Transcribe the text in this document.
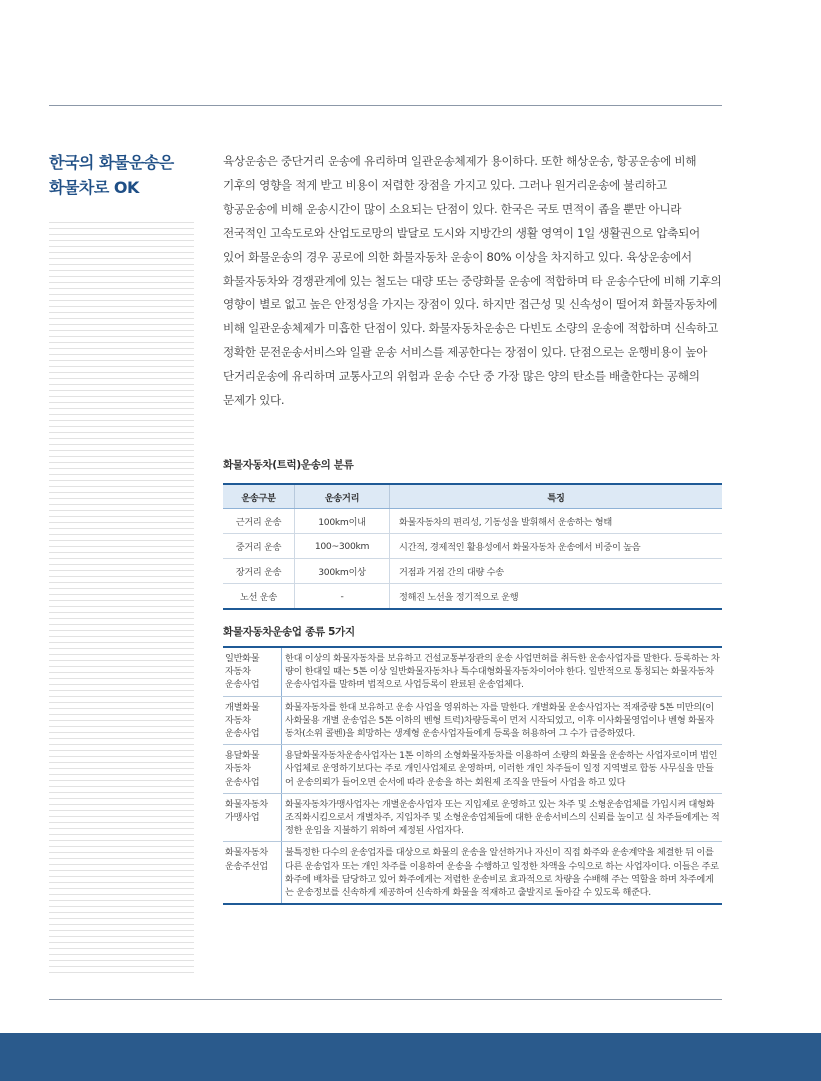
한국의 화물운송은
화물차로 OK

육상운송은 중단거리 운송에 유리하며 일관운송체제가 용이하다. 또한 해상운송, 항공운송에 비해 기후의 영향을 적게 받고 비용이 저렴한 장점을 가지고 있다. 그러나 원거리운송에 불리하고 항공운송에 비해 운송시간이 많이 소요되는 단점이 있다. 한국은 국토 면적이 좁을 뿐만 아니라 전국적인 고속도로와 산업도로망의 발달로 도시와 지방간의 생활 영역이 1일 생활권으로 압축되어 있어 화물운송의 경우 공로에 의한 화물자동차 운송이 80% 이상을 차지하고 있다. 육상운송에서 화물자동차와 경쟁관계에 있는 철도는 대량 또는 중량화물 운송에 적합하며 타 운송수단에 비해 기후의 영향이 별로 없고 높은 안정성을 가지는 장점이 있다. 하지만 접근성 및 신속성이 떨어져 화물자동차에 비해 일관운송체제가 미흡한 단점이 있다. 화물자동차운송은 다빈도 소량의 운송에 적합하며 신속하고 정확한 문전운송서비스와 일괄 운송 서비스를 제공한다는 장점이 있다. 단점으로는 운행비용이 높아 단거리운송에 유리하며 교통사고의 위험과 운송 수단 중 가장 많은 양의 탄소를 배출한다는 공해의 문제가 있다.

화물자동차(트럭)운송의 분류
운송구분	운송거리	특징
근거리 운송	100km이내	화물자동차의 편리성, 기동성을 발휘해서 운송하는 형태
중거리 운송	100~300km	시간적, 경제적인 활용성에서 화물자동차 운송에서 비중이 높음
장거리 운송	300km이상	거점과 거점 간의 대량 수송
노선 운송	-	정해진 노선을 정기적으로 운행
화물자동차운송업 종류 5가지
일반화물
자동차
운송사업	한대 이상의 화물자동차를 보유하고 건설교통부장관의 운송 사업면허를 취득한 운송사업자를 말한다. 등록하는 차량이 한대일 때는 5톤 이상 일반화물자동차나 특수대형화물자동차이어야 한다. 일반적으로 통칭되는 화물자동차운송사업자를 말하며 법적으로 사업등록이 완료된 운송업체다.
개별화물
자동차
운송사업	화물자동차를 한대 보유하고 운송 사업을 영위하는 자를 말한다. 개별화물 운송사업자는 적재중량 5톤 미만의(이사화물용 개별 운송업은 5톤 이하의 벤형 트럭)차량등록이 먼저 시작되었고, 이후 이사화물영업이나 벤형 화물자동차(소위 콜벤)을 희망하는 생계형 운송사업자들에게 등록을 허용하여 그 수가 급증하였다.
용달화물
자동차
운송사업	용달화물자동차운송사업자는 1톤 이하의 소형화물자동차를 이용하여 소량의 화물을 운송하는 사업자로이며 법인사업체로 운영하기보다는 주로 개인사업체로 운영하며, 이러한 개인 차주들이 일정 지역별로 합동 사무실을 만들어 운송의뢰가 들어오면 순서에 따라 운송을 하는 회원제 조직을 만들어 사업을 하고 있다
화물자동차
가맹사업	화물자동차가맹사업자는 개별운송사업자 또는 지입제로 운영하고 있는 차주 및 소형운송업체를 가입시켜 대형화 조직화시킴으로서 개별차주, 지입차주 및 소형운송업체들에 대한 운송서비스의 신뢰를 높이고 실 차주들에게는 적정한 운임을 지불하기 위하여 제정된 사업자다.
화물자동차
운송주선업	불특정한 다수의 운송업자를 대상으로 화물의 운송을 알선하거나 자신이 직접 화주와 운송계약을 체결한 뒤 이를 다른 운송업자 또는 개인 차주를 이용하여 운송을 수행하고 일정한 차액을 수익으로 하는 사업자이다. 이들은 주로 화주에 배차를 담당하고 있어 화주에게는 저렴한 운송비로 효과적으로 차량을 수배해 주는 역할을 하며 차주에게는 운송정보를 신속하게 제공하여 신속하게 화물을 적재하고 출발지로 돌아갈 수 있도록 해준다.
